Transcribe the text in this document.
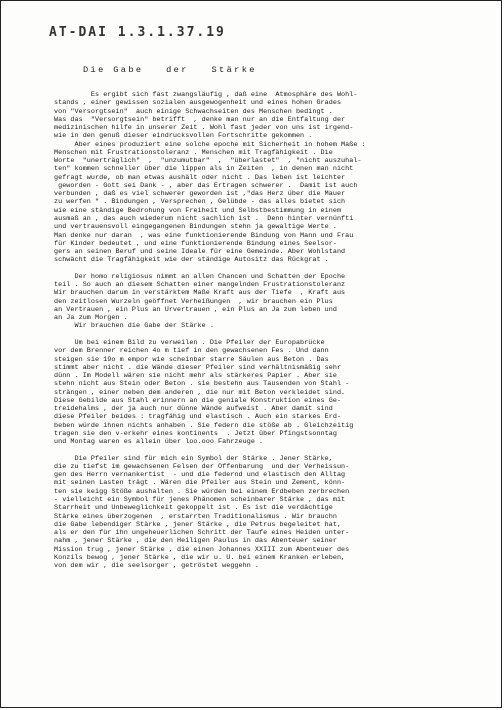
AT-DAI 1.3.1.37.19
Die Gabe   der   Stärke
Es ergibt sich fast zwangsläufig , daß eine  Atmosphäre des Wohl-
stands , einer gewissen sozialen ausgewogenheit und eines hohen Grades
von "Versorgtsein"  auch einige Schwachseiten des Menschen bedingt .
Was das  "Versorgtsein" betrifft  , denke man nur an die Entfaltung der
medizinischen hilfe in unserer Zeit . Wohl fast jeder von uns ist irgend-
wie in den genuß dieser eindrucksvollen Fortschritte gekommen .
Aber eines produziert eine solche epoche mit Sicherheit in hohem Maße :
Menschen mit Frustrationstoleranz . Menschen mit Tragfähigkeit . Die
Worte  "unerträglich"  ,  "unzumutbar"  ,  "überlastet"  , "nicht auszuhal-
ten" kommen schneller über die lippen als in Zeiten  , in denen man nicht
gefragt wurde, ob man etwas aushält oder nicht . Das leben ist leichter
geworden - Gott sei Dank - , aber das Ertragen schwerer .  Damit ist auch
verbunden , daß es viel schwerer geworden ist ,"das Herz über die Mauer
zu werfen " . Bindungen , Versprechen , Gelübde - das alles bietet sich
wie eine ständige Bedrohung von Freiheit und Selbstbestimmung in einem
ausmaß an , das auch wiederum nicht sachlich ist .  Denn hinter vernünfti
und vertrauensvoll eingegangenen Bindungen stehn ja gewaltige Werte .
Man denke nur daran  , was eine funktionierende Bindung von Mann und Frau
für Kinder bedeutet , und eine funktionierende Bindung eines Seelsor-
gers an seinen Beruf und seine Ideale für eine Gemeinde. Aber Wohlstand
schwächt die Tragfähigkeit wie der ständige Autositz das Rückgrat .
Der homo religiosus nimmt an allen Chancen und Schatten der Epoche
teil . So auch an diesem Schatten einer mangelnden Frustrationstoleranz
Wir brauchen darum in verstärktem Maße Kraft aus der Tiefe  , Kraft aus
den zeitlosen Wurzeln geöffnet Verheißungen  , wir brauchen ein Plus
an Vertrauen , ein Plus an Urvertrauen , ein Plus an Ja zum leben und
an Ja zum Morgen .
Wir brauchen die Gabe der Stärke .
Um bei einem Bild zu verweilen . Die Pfeiler der Europabrücke
vor dem Brenner reichen 4o m tief in den gewachsenen Fes . Und dann
steigen sie 19o m empor wie scheinbar starre Säulen aus Beton . Das
stimmt aber nicht . die Wände dieser Pfeiler sind verhältnismäßig sehr
dünn . Im Modell wären sie nicht mehr als stärkeres Papier . Aber sie
stehn nicht aus Stein oder Beton . sie bestehn aus Tausenden von Stahl -
strängen , einer neben dem anderen , die nur mit Beton verkleidet sind.
Diese Gebilde aus Stahl erinnern an die geniale Konstruktion eines Ge-
treidehalms , der ja auch nur dünne Wände aufweist . Aber damit sind
diese Pfeiler beides : tragfähig und elastisch . Auch ein starkes Erd-
beben würde ihnen nichts anhaben . Sie federn die stöße ab . Gleichzeitig
tragen sie den v-erkehr eines kontinents  . Jetzt über Pfingstsonntag
und Montag waren es allein über loo.ooo Fahrzeuge .
Die Pfeiler sind für mich ein Symbol der Stärke . Jener Stärke,
die zu tiefst im gewachsenen Felsen der Offenbarung  und der Verheissun-
gen des Herrn vernankertist  - und die federnd und elastisch den Alltag
mit seinen Lasten trägt . Wären die Pfeiler aus Stein und Zement, könn-
ten sie keigg Stöße aushalten . Sie würden bei einem Erdbeben zerbrechen
- vielleicht ein Symbol für jenes Phänomen scheinbarer Stärke , das mit
Starrheit und Unbeweglichkeit gekoppelt ist . Es ist die verdächtige
Stärke eines überzogenen  , erstarrten Traditionalismus . Wir brauchn
die Gabe lebendiger Stärke , jener Stärke , die Petrus begeleitet hat,
als er den für ihn ungeheuerlichen Schritt der Taufe eines Heiden unter-
nahm , jener Stärke , die den Heiligen Paulus in das Abenteuer seiner
Mission trug , jener Stärke , die einen Johannes XXIII zum Abenteuer des
Konzils bewog , jener Stärke , die wir u. U. bei einem Kranken erleben,
von dem wir , die seelsorger , getröstet weggehn .
